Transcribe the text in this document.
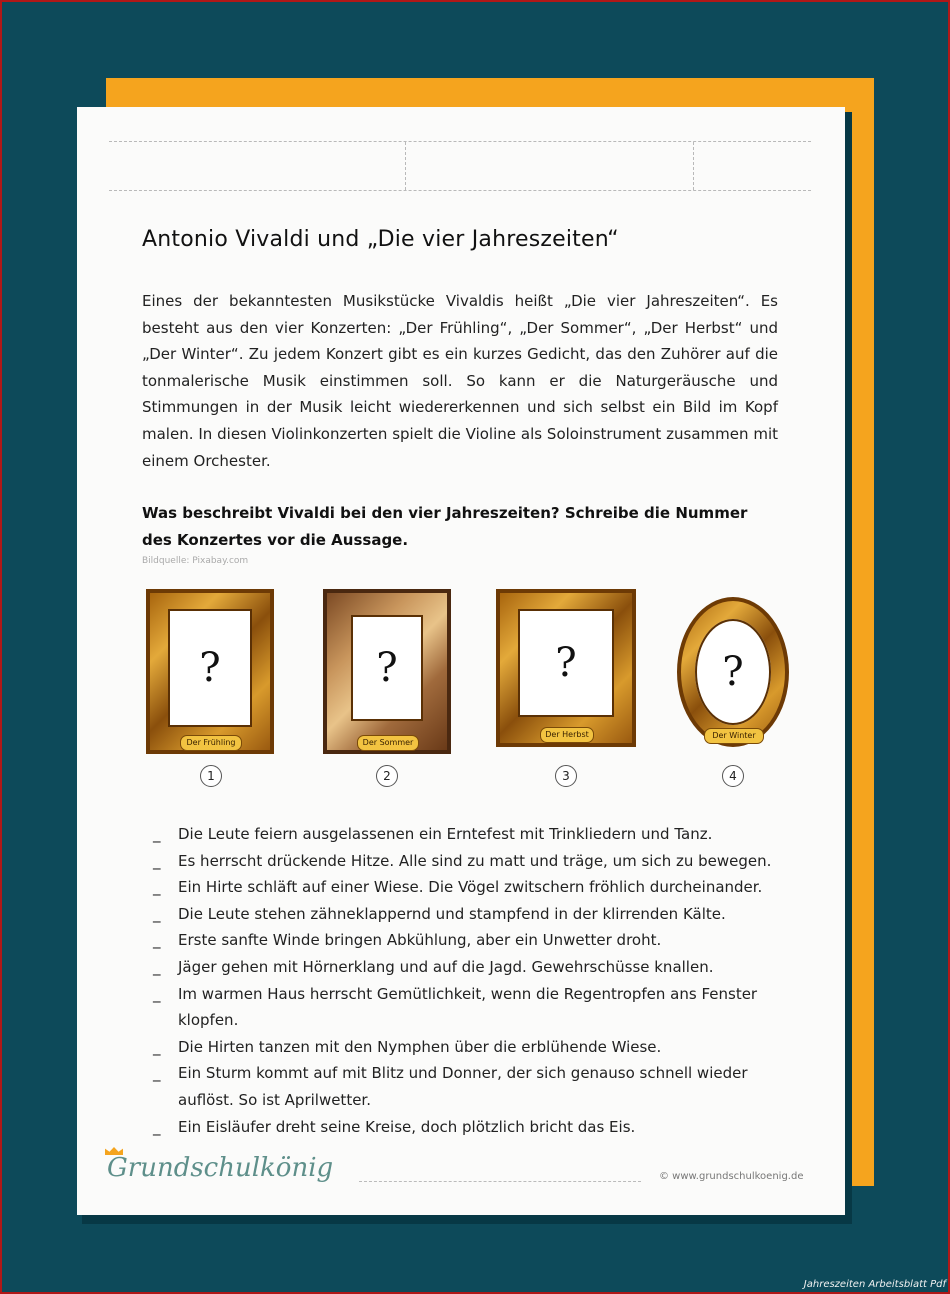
Antonio Vivaldi und „Die vier Jahreszeiten“
Eines der bekanntesten Musikstücke Vivaldis heißt „Die vier Jahreszeiten“. Es besteht aus den vier Konzerten: „Der Frühling“, „Der Sommer“, „Der Herbst“ und „Der Winter“. Zu jedem Konzert gibt es ein kurzes Gedicht, das den Zuhörer auf die tonmalerische Musik einstimmen soll. So kann er die Naturgeräusche und Stimmungen in der Musik leicht wiedererkennen und sich selbst ein Bild im Kopf malen. In diesen Violinkonzerten spielt die Violine als Soloinstrument zusammen mit einem Orchester.
Was beschreibt Vivaldi bei den vier Jahreszeiten? Schreibe die Nummer des Konzertes vor die Aussage.
Bildquelle: Pixabay.com
?
Der Frühling
1
?
Der Sommer
2
?
Der Herbst
3
?
Der Winter
4
_ Die Leute feiern ausgelassenen ein Erntefest mit Trinkliedern und Tanz.
_ Es herrscht drückende Hitze. Alle sind zu matt und träge, um sich zu bewegen.
_ Ein Hirte schläft auf einer Wiese. Die Vögel zwitschern fröhlich durcheinander.
_ Die Leute stehen zähneklappernd und stampfend in der klirrenden Kälte.
_ Erste sanfte Winde bringen Abkühlung, aber ein Unwetter droht.
_ Jäger gehen mit Hörnerklang und auf die Jagd. Gewehrschüsse knallen.
_ Im warmen Haus herrscht Gemütlichkeit, wenn die Regentropfen ans Fenster klopfen.
_ Die Hirten tanzen mit den Nymphen über die erblühende Wiese.
_ Ein Sturm kommt auf mit Blitz und Donner, der sich genauso schnell wieder auflöst. So ist Aprilwetter.
_ Ein Eisläufer dreht seine Kreise, doch plötzlich bricht das Eis.
Grundschulkönig	© www.grundschulkoenig.de
Jahreszeiten Arbeitsblatt Pdf
